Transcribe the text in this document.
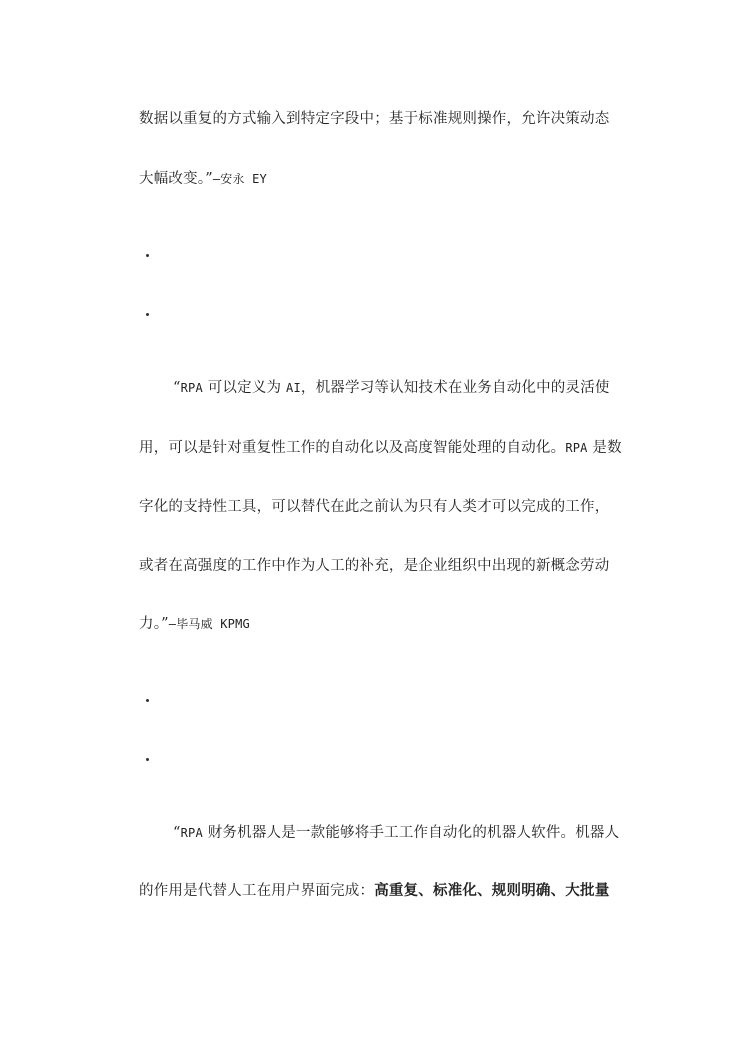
数据以重复的方式输入到特定字段中；基于标准规则操作，允许决策动态
大幅改变。”–安永 EY
“RPA 可以定义为 AI，机器学习等认知技术在业务自动化中的灵活使
用，可以是针对重复性工作的自动化以及高度智能处理的自动化。RPA 是数
字化的支持性工具，可以替代在此之前认为只有人类才可以完成的工作，
或者在高强度的工作中作为人工的补充，是企业组织中出现的新概念劳动
力。”–毕马威 KPMG
“RPA 财务机器人是一款能够将手工工作自动化的机器人软件。机器人
的作用是代替人工在用户界面完成：高重复、标准化、规则明确、大批量
